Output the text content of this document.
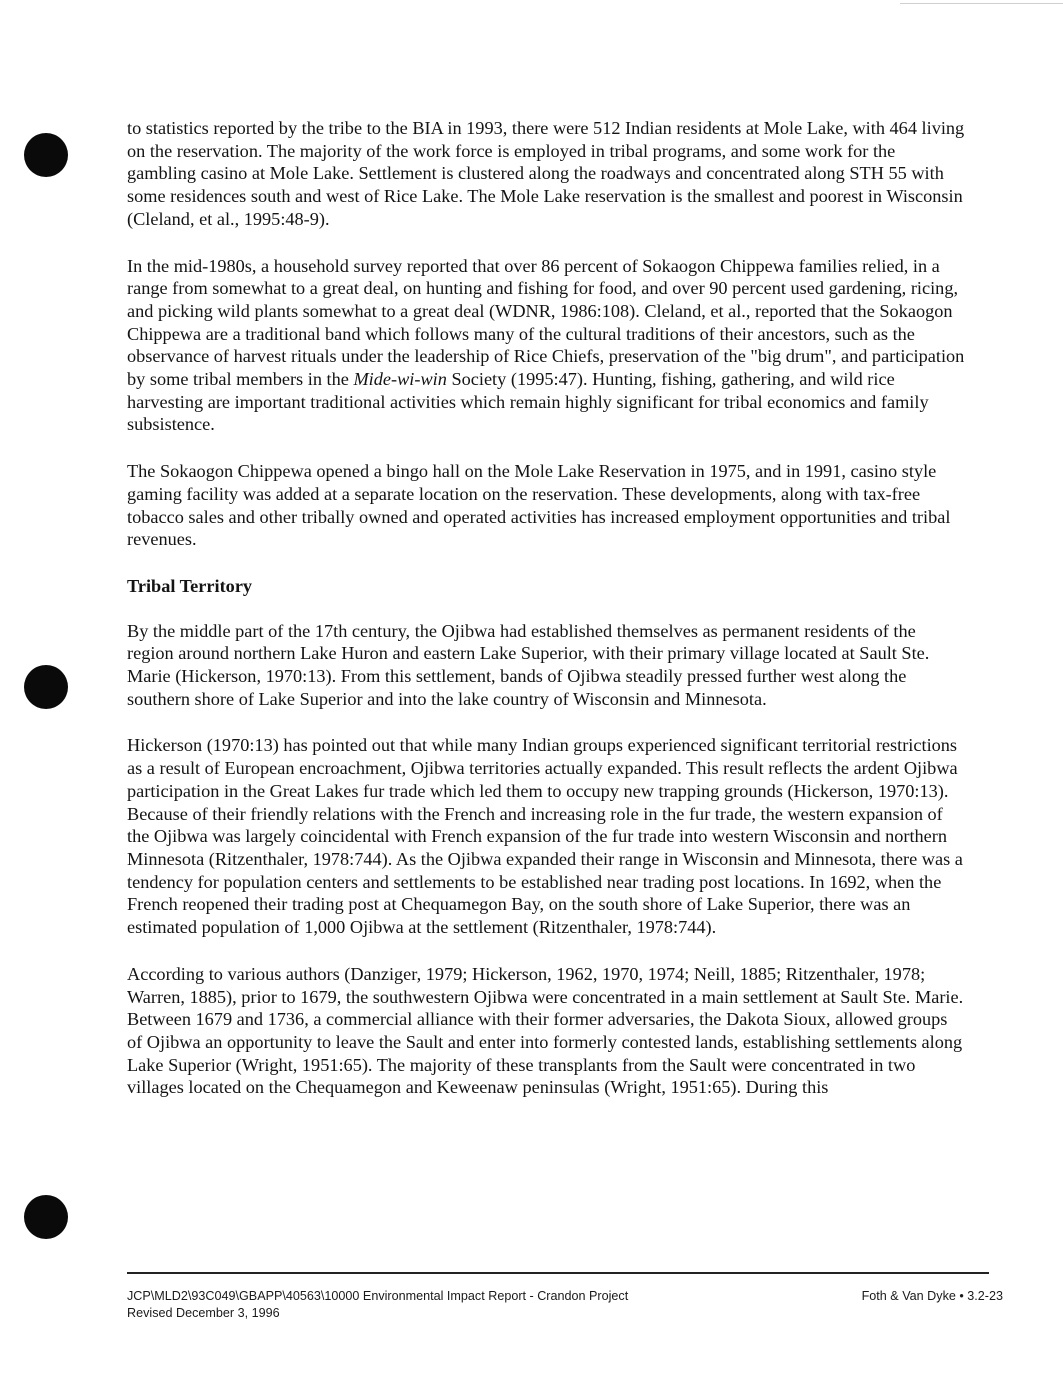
to statistics reported by the tribe to the BIA in 1993, there were 512 Indian residents at Mole Lake, with 464 living on the reservation. The majority of the work force is employed in tribal programs, and some work for the gambling casino at Mole Lake. Settlement is clustered along the roadways and concentrated along STH 55 with some residences south and west of Rice Lake. The Mole Lake reservation is the smallest and poorest in Wisconsin (Cleland, et al., 1995:48-9).

In the mid-1980s, a household survey reported that over 86 percent of Sokaogon Chippewa families relied, in a range from somewhat to a great deal, on hunting and fishing for food, and over 90 percent used gardening, ricing, and picking wild plants somewhat to a great deal (WDNR, 1986:108). Cleland, et al., reported that the Sokaogon Chippewa are a traditional band which follows many of the cultural traditions of their ancestors, such as the observance of harvest rituals under the leadership of Rice Chiefs, preservation of the "big drum", and participation by some tribal members in the Mide-wi-win Society (1995:47). Hunting, fishing, gathering, and wild rice harvesting are important traditional activities which remain highly significant for tribal economics and family subsistence.

The Sokaogon Chippewa opened a bingo hall on the Mole Lake Reservation in 1975, and in 1991, casino style gaming facility was added at a separate location on the reservation. These developments, along with tax-free tobacco sales and other tribally owned and operated activities has increased employment opportunities and tribal revenues.

Tribal Territory

By the middle part of the 17th century, the Ojibwa had established themselves as permanent residents of the region around northern Lake Huron and eastern Lake Superior, with their primary village located at Sault Ste. Marie (Hickerson, 1970:13). From this settlement, bands of Ojibwa steadily pressed further west along the southern shore of Lake Superior and into the lake country of Wisconsin and Minnesota.

Hickerson (1970:13) has pointed out that while many Indian groups experienced significant territorial restrictions as a result of European encroachment, Ojibwa territories actually expanded. This result reflects the ardent Ojibwa participation in the Great Lakes fur trade which led them to occupy new trapping grounds (Hickerson, 1970:13). Because of their friendly relations with the French and increasing role in the fur trade, the western expansion of the Ojibwa was largely coincidental with French expansion of the fur trade into western Wisconsin and northern Minnesota (Ritzenthaler, 1978:744). As the Ojibwa expanded their range in Wisconsin and Minnesota, there was a tendency for population centers and settlements to be established near trading post locations. In 1692, when the French reopened their trading post at Chequamegon Bay, on the south shore of Lake Superior, there was an estimated population of 1,000 Ojibwa at the settlement (Ritzenthaler, 1978:744).

According to various authors (Danziger, 1979; Hickerson, 1962, 1970, 1974; Neill, 1885; Ritzenthaler, 1978; Warren, 1885), prior to 1679, the southwestern Ojibwa were concentrated in a main settlement at Sault Ste. Marie. Between 1679 and 1736, a commercial alliance with their former adversaries, the Dakota Sioux, allowed groups of Ojibwa an opportunity to leave the Sault and enter into formerly contested lands, establishing settlements along Lake Superior (Wright, 1951:65). The majority of these transplants from the Sault were concentrated in two villages located on the Chequamegon and Keweenaw peninsulas (Wright, 1951:65). During this

JCP\MLD2\93C049\GBAPP\40563\10000 Environmental Impact Report - Crandon Project
Revised December 3, 1996
Foth & Van Dyke • 3.2-23
